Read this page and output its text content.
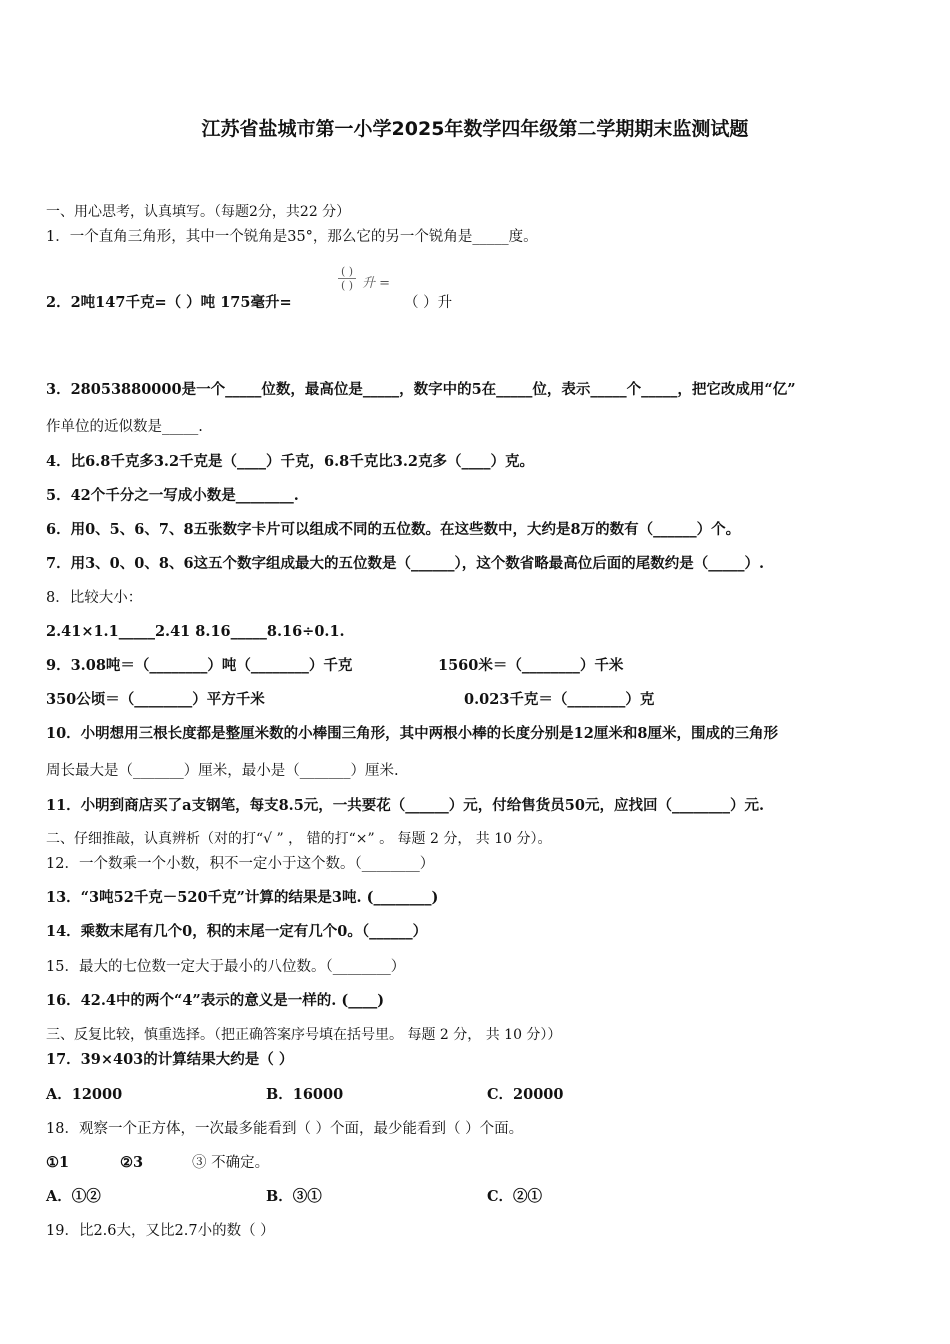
江苏省盐城市第一小学2025年数学四年级第二学期期末监测试题
一、用心思考，认真填写。（每题2分，共22 分）
1．一个直角三角形，其中一个锐角是35°，那么它的另一个锐角是_____度。
2．2吨147千克=（ ）吨 175毫升=
( )
( ) 升 =
（ ）升
3．28053880000是一个_____位数，最高位是_____，数字中的5在_____位，表示_____个_____，把它改成用“亿”
作单位的近似数是_____.
4．比6.8千克多3.2千克是（____）千克，6.8千克比3.2克多（____）克。
5．42个千分之一写成小数是________.
6．用0、5、6、7、8五张数字卡片可以组成不同的五位数。在这些数中，大约是8万的数有（______）个。
7．用3、0、0、8、6这五个数字组成最大的五位数是（______），这个数省略最高位后面的尾数约是（_____）.
8．比较大小：
2.41×1.1_____2.41 8.16_____8.16÷0.1.
9．3.08吨＝（________）吨（________）千克	1560米＝（________）千米
350公顷＝（________）平方千米	0.023千克＝（________）克
10．小明想用三根长度都是整厘米数的小棒围三角形，其中两根小棒的长度分别是12厘米和8厘米，围成的三角形
周长最大是（_______）厘米，最小是（_______）厘米.
11．小明到商店买了a支钢笔，每支8.5元，一共要花（______）元，付给售货员50元，应找回（________）元.
二、仔细推敲，认真辨析（对的打“√ ” ， 错的打“×” 。 每题 2 分， 共 10 分）。
12．一个数乘一个小数，积不一定小于这个数。（________）
13．“3吨52千克－520千克”计算的结果是3吨. (________)
14．乘数末尾有几个0，积的末尾一定有几个0。（______）
15．最大的七位数一定大于最小的八位数。（________）
16．42.4中的两个“4”表示的意义是一样的. (____)
三、反复比较，慎重选择。（把正确答案序号填在括号里。 每题 2 分， 共 10 分））
17．39×403的计算结果大约是（ ）
A．12000	B．16000	C．20000
18．观察一个正方体，一次最多能看到（ ）个面，最少能看到（ ）个面。
①1	②3	③ 不确定。
A．①②	B．③①	C．②①
19．比2.6大，又比2.7小的数（ ）
